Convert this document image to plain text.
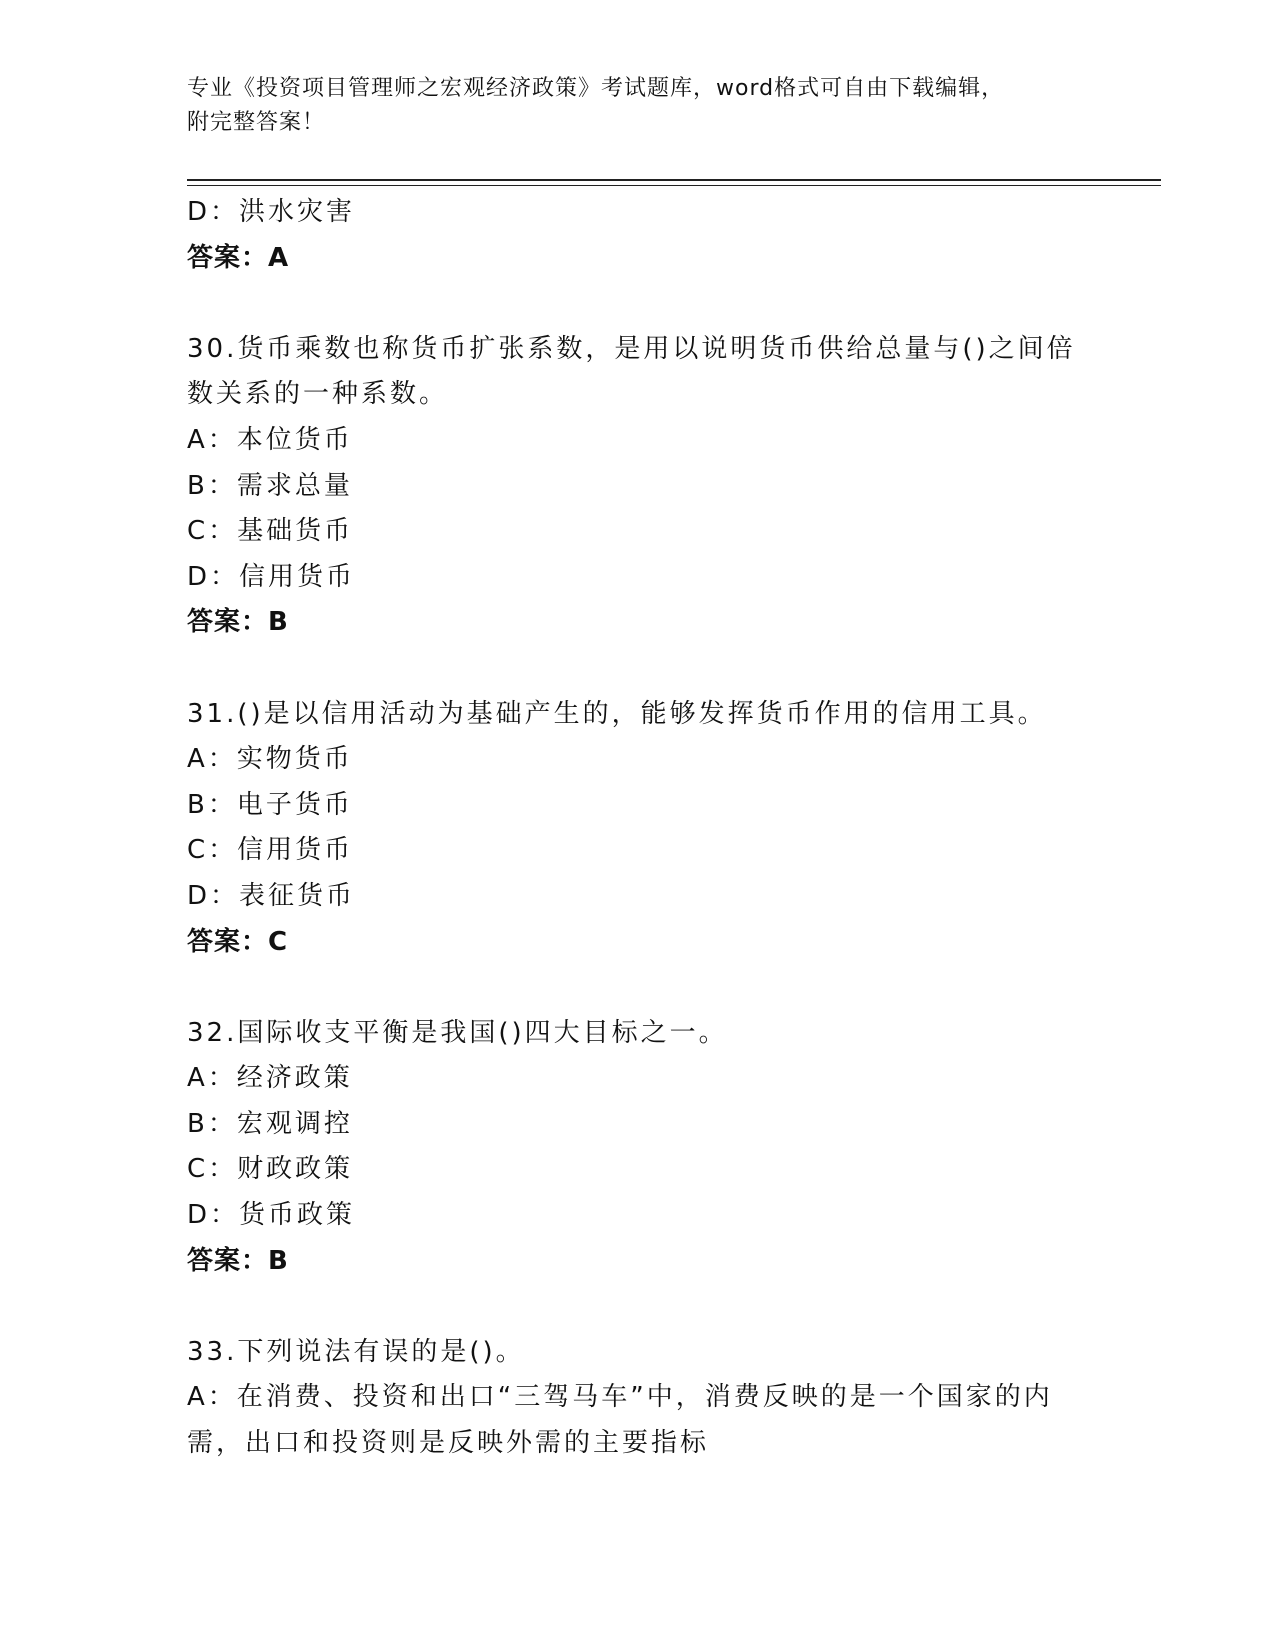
专业《投资项目管理师之宏观经济政策》考试题库，word格式可自由下载编辑，
附完整答案！
D：洪水灾害
答案：A
30.货币乘数也称货币扩张系数，是用以说明货币供给总量与()之间倍
数关系的一种系数。
A：本位货币
B：需求总量
C：基础货币
D：信用货币
答案：B
31.()是以信用活动为基础产生的，能够发挥货币作用的信用工具。
A：实物货币
B：电子货币
C：信用货币
D：表征货币
答案：C
32.国际收支平衡是我国()四大目标之一。
A：经济政策
B：宏观调控
C：财政政策
D：货币政策
答案：B
33.下列说法有误的是()。
A：在消费、投资和出口“三驾马车”中，消费反映的是一个国家的内
需，出口和投资则是反映外需的主要指标
